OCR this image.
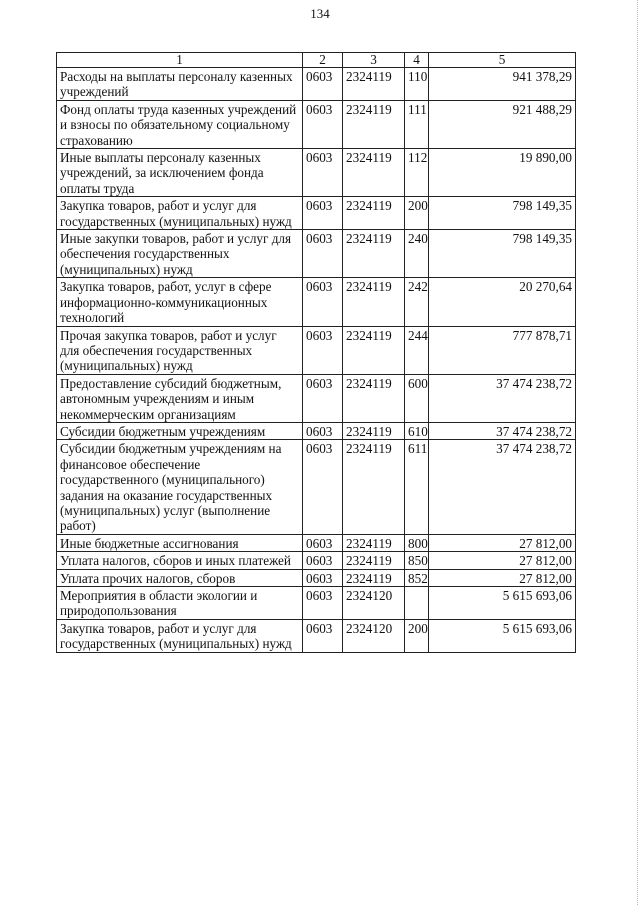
134
1	2	3	4	5
Расходы на выплаты персоналу казенных учреждений	0603	2324119	110	941 378,29
Фонд оплаты труда казенных учреждений и взносы по обязательному социальному страхованию	0603	2324119	111	921 488,29
Иные выплаты персоналу казенных учреждений, за исключением фонда оплаты труда	0603	2324119	112	19 890,00
Закупка товаров, работ и услуг для государственных (муниципальных) нужд	0603	2324119	200	798 149,35
Иные закупки товаров, работ и услуг для обеспечения государственных (муниципальных) нужд	0603	2324119	240	798 149,35
Закупка товаров, работ, услуг в сфере информационно-коммуникационных технологий	0603	2324119	242	20 270,64
Прочая закупка товаров, работ и услуг для обеспечения государственных (муниципальных) нужд	0603	2324119	244	777 878,71
Предоставление субсидий бюджетным, автономным учреждениям и иным некоммерческим организациям	0603	2324119	600	37 474 238,72
Субсидии бюджетным учреждениям	0603	2324119	610	37 474 238,72
Субсидии бюджетным учреждениям на финансовое обеспечение государственного (муниципального) задания на оказание государственных (муниципальных) услуг (выполнение работ)	0603	2324119	611	37 474 238,72
Иные бюджетные ассигнования	0603	2324119	800	27 812,00
Уплата налогов, сборов и иных платежей	0603	2324119	850	27 812,00
Уплата прочих налогов, сборов	0603	2324119	852	27 812,00
Мероприятия в области экологии и природопользования	0603	2324120		5 615 693,06
Закупка товаров, работ и услуг для государственных (муниципальных) нужд	0603	2324120	200	5 615 693,06
